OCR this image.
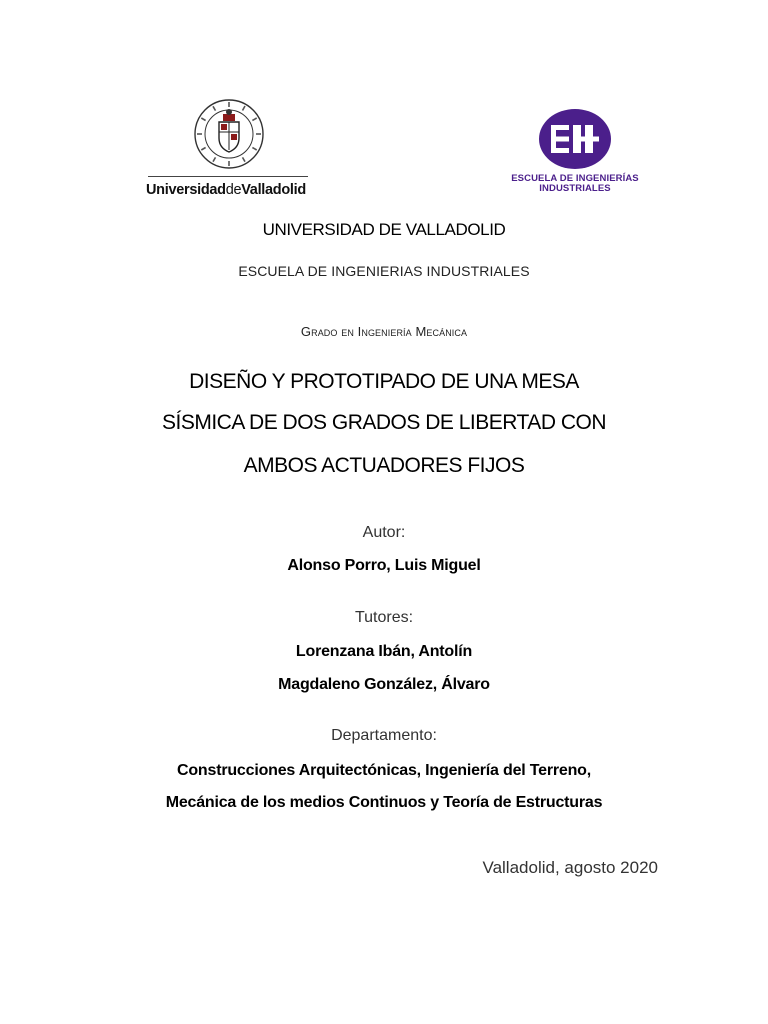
UniversidaddeValladolid
ESCUELA DE INGENIERÍAS
INDUSTRIALES
UNIVERSIDAD DE VALLADOLID
ESCUELA DE INGENIERIAS INDUSTRIALES
Grado en Ingeniería Mecánica
DISEÑO Y PROTOTIPADO DE UNA MESA
SÍSMICA DE DOS GRADOS DE LIBERTAD CON
AMBOS ACTUADORES FIJOS
Autor:
Alonso Porro, Luis Miguel
Tutores:
Lorenzana Ibán, Antolín
Magdaleno González, Álvaro
Departamento:
Construcciones Arquitectónicas, Ingeniería del Terreno,
Mecánica de los medios Continuos y Teoría de Estructuras
Valladolid, agosto 2020
